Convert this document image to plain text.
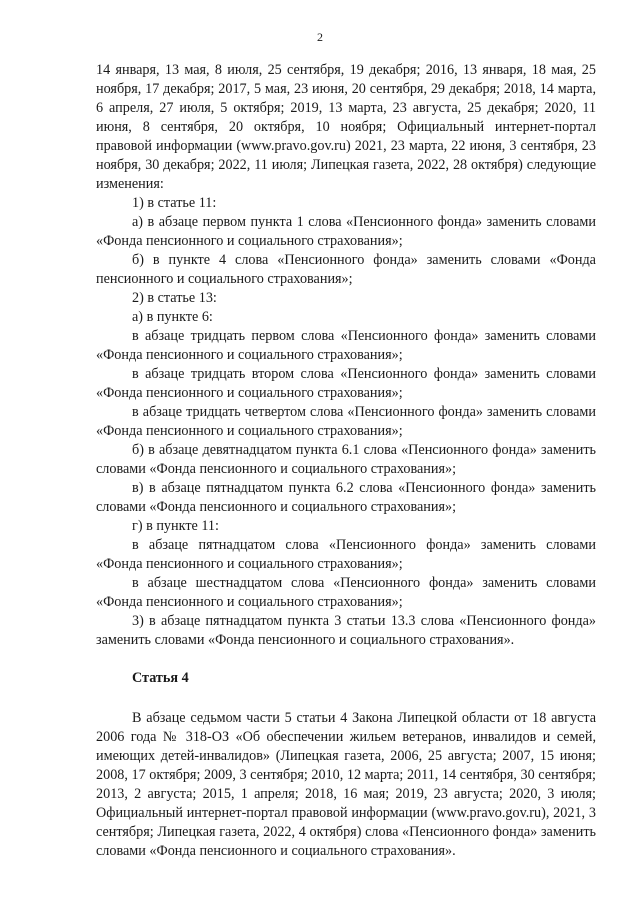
2

14 января, 13 мая, 8 июля, 25 сентября, 19 декабря; 2016, 13 января, 18 мая, 25 ноября, 17 декабря; 2017, 5 мая, 23 июня, 20 сентября, 29 декабря; 2018, 14 марта, 6 апреля, 27 июля, 5 октября; 2019, 13 марта, 23 августа, 25 декабря; 2020, 11 июня, 8 сентября, 20 октября, 10 ноября; Официальный интернет-портал правовой информации (www.pravo.gov.ru) 2021, 23 марта, 22 июня, 3 сентября, 23 ноября, 30 декабря; 2022, 11 июля; Липецкая газета, 2022, 28 октября) следующие изменения:

1) в статье 11:

а) в абзаце первом пункта 1 слова «Пенсионного фонда» заменить словами «Фонда пенсионного и социального страхования»;

б) в пункте 4 слова «Пенсионного фонда» заменить словами «Фонда пенсионного и социального страхования»;

2) в статье 13:

а) в пункте 6:

в абзаце тридцать первом слова «Пенсионного фонда» заменить словами «Фонда пенсионного и социального страхования»;

в абзаце тридцать втором слова «Пенсионного фонда» заменить словами «Фонда пенсионного и социального страхования»;

в абзаце тридцать четвертом слова «Пенсионного фонда» заменить словами «Фонда пенсионного и социального страхования»;

б) в абзаце девятнадцатом пункта 6.1 слова «Пенсионного фонда» заменить словами «Фонда пенсионного и социального страхования»;

в) в абзаце пятнадцатом пункта 6.2 слова «Пенсионного фонда» заменить словами «Фонда пенсионного и социального страхования»;

г) в пункте 11:

в абзаце пятнадцатом слова «Пенсионного фонда» заменить словами «Фонда пенсионного и социального страхования»;

в абзаце шестнадцатом слова «Пенсионного фонда» заменить словами «Фонда пенсионного и социального страхования»;

3) в абзаце пятнадцатом пункта 3 статьи 13.3 слова «Пенсионного фонда» заменить словами «Фонда пенсионного и социального страхования».

Статья 4

В абзаце седьмом части 5 статьи 4 Закона Липецкой области от 18 августа 2006 года № 318-ОЗ «Об обеспечении жильем ветеранов, инвалидов и семей, имеющих детей-инвалидов» (Липецкая газета, 2006, 25 августа; 2007, 15 июня; 2008, 17 октября; 2009, 3 сентября; 2010, 12 марта; 2011, 14 сентября, 30 сентября; 2013, 2 августа; 2015, 1 апреля; 2018, 16 мая; 2019, 23 августа; 2020, 3 июля; Официальный интернет-портал правовой информации (www.pravo.gov.ru), 2021, 3 сентября; Липецкая газета, 2022, 4 октября) слова «Пенсионного фонда» заменить словами «Фонда пенсионного и социального страхования».
